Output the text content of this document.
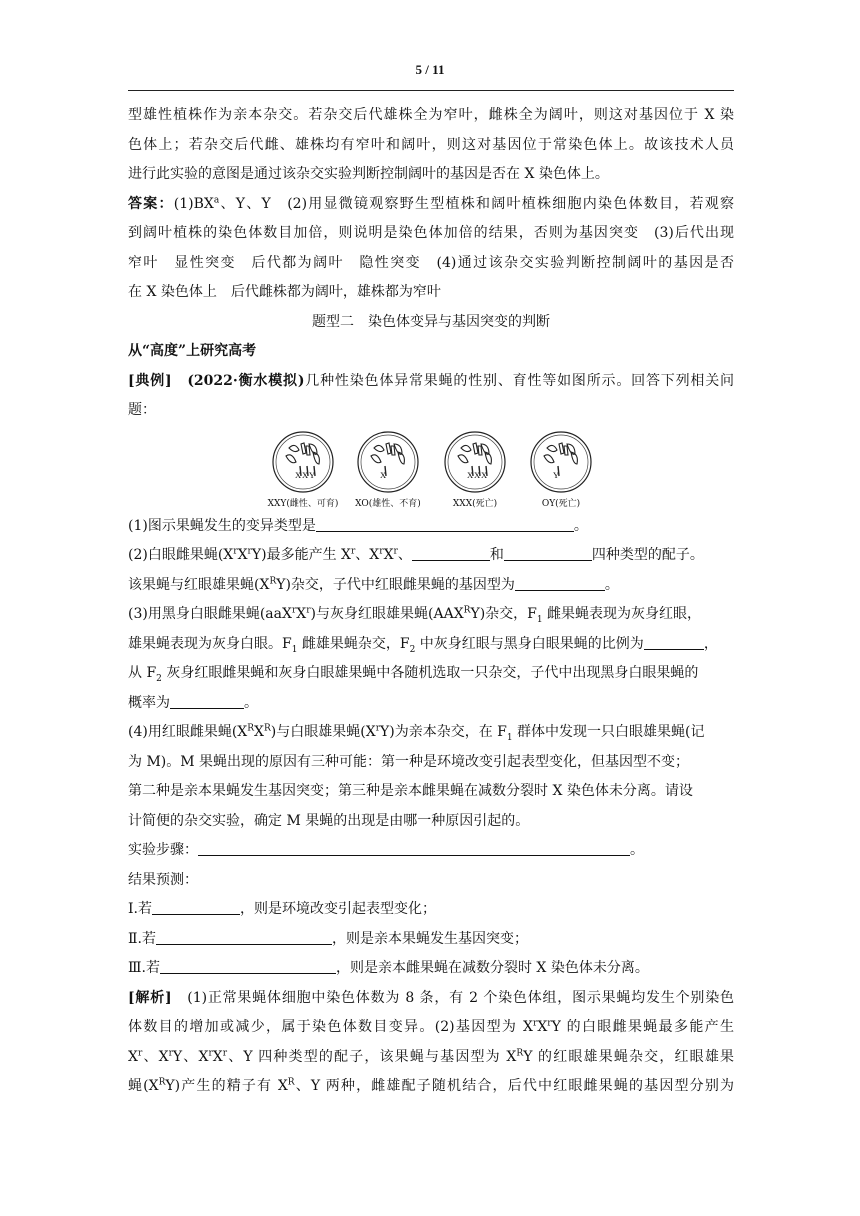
5 / 11
型雄性植株作为亲本杂交。若杂交后代雄株全为窄叶，雌株全为阔叶，则这对基因位于 X 染
色体上；若杂交后代雌、雄株均有窄叶和阔叶，则这对基因位于常染色体上。故该技术人员
进行此实验的意图是通过该杂交实验判断控制阔叶的基因是否在 X 染色体上。
答案：$(1)BX^a$、Y、Y　(2)用显微镜观察野生型植株和阔叶植株细胞内染色体数目，若观察
到阔叶植株的染色体数目加倍，则说明是染色体加倍的结果，否则为基因突变　(3)后代出现
窄叶　显性突变　后代都为阔叶　隐性突变　(4)通过该杂交实验判断控制阔叶的基因是否
在 X 染色体上　后代雌株都为阔叶，雄株都为窄叶
题型二　染色体变异与基因突变的判断
从“高度”上研究高考
[典例]　 (2022·衡水模拟)几种性染色体异常果蝇的性别、育性等如图所示。回答下列相关问
题：
X X Y
XXY(雌性、可育)
X
XO(雄性、不育)
X X X
XXX(死亡)
Y
OY(死亡)
(1)图示果蝇发生的变异类型是	。
(2)白眼雌果蝇$(X^rX^rY)$最多能产生 $X^r$、$X^rX^r$、	和	四种类型的配子。
该果蝇与红眼雄果蝇$(X^RY)$杂交，子代中红眼雌果蝇的基因型为	。
(3)用黑身白眼雌果蝇$(aaX^rX^r)$与灰身红眼雄果蝇$(AAX^RY)$杂交，$F_1$ 雌果蝇表现为灰身红眼，
雄果蝇表现为灰身白眼。$F_1$ 雌雄果蝇杂交，$F_2$ 中灰身红眼与黑身白眼果蝇的比例为	，
从 $F_2$ 灰身红眼雌果蝇和灰身白眼雄果蝇中各随机选取一只杂交，子代中出现黑身白眼果蝇的
概率为	。
(4)用红眼雌果蝇$(X^RX^R)$与白眼雄果蝇$(X^rY)$为亲本杂交，在 $F_1$ 群体中发现一只白眼雄果蝇(记
为 M)。M 果蝇出现的原因有三种可能：第一种是环境改变引起表型变化，但基因型不变；
第二种是亲本果蝇发生基因突变；第三种是亲本雌果蝇在减数分裂时 X 染色体未分离。请设
计简便的杂交实验，确定 M 果蝇的出现是由哪一种原因引起的。
实验步骤：	。
结果预测：
Ⅰ.若	，则是环境改变引起表型变化；
Ⅱ.若	，则是亲本果蝇发生基因突变；
Ⅲ.若	，则是亲本雌果蝇在减数分裂时 X 染色体未分离。
[解析]　(1)正常果蝇体细胞中染色体数为 8 条，有 2 个染色体组，图示果蝇均发生个别染色
体数目的增加或减少，属于染色体数目变异。(2)基因型为 $X^rX^rY$ 的白眼雌果蝇最多能产生
$X^r$、$X^rY$、$X^rX^r$、Y 四种类型的配子，该果蝇与基因型为 $X^RY$ 的红眼雄果蝇杂交，红眼雄果
蝇$(X^RY)$产生的精子有 $X^R$、Y 两种，雌雄配子随机结合，后代中红眼雌果蝇的基因型分别为
